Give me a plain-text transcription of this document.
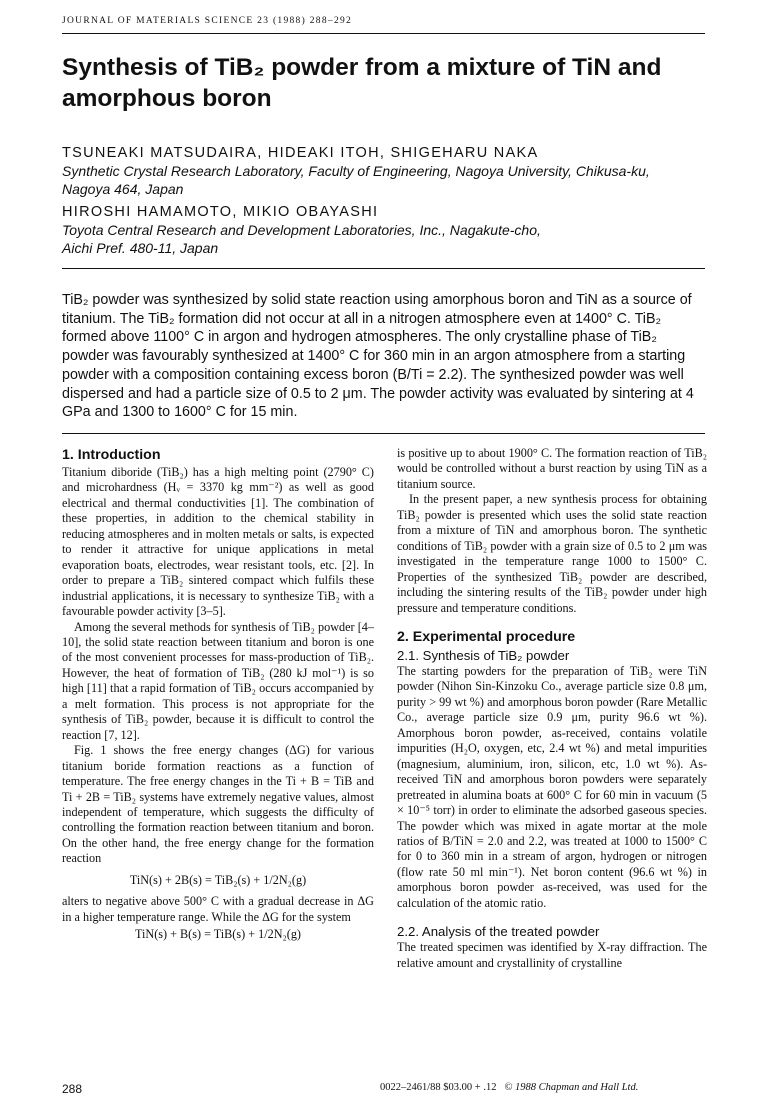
JOURNAL OF MATERIALS SCIENCE 23 (1988) 288–292
Synthesis of TiB₂ powder from a mixture of TiN and amorphous boron
TSUNEAKI MATSUDAIRA, HIDEAKI ITOH, SHIGEHARU NAKA
Synthetic Crystal Research Laboratory, Faculty of Engineering, Nagoya University, Chikusa-ku,
Nagoya 464, Japan
HIROSHI HAMAMOTO, MIKIO OBAYASHI
Toyota Central Research and Development Laboratories, Inc., Nagakute-cho,
Aichi Pref. 480-11, Japan
TiB₂ powder was synthesized by solid state reaction using amorphous boron and TiN as a source of titanium. The TiB₂ formation did not occur at all in a nitrogen atmosphere even at 1400° C. TiB₂ formed above 1100° C in argon and hydrogen atmospheres. The only crystalline phase of TiB₂ powder was favourably synthesized at 1400° C for 360 min in an argon atmosphere from a starting powder with a composition containing excess boron (B/Ti = 2.2). The synthesized powder was well dispersed and had a particle size of 0.5 to 2 μm. The powder activity was evaluated by sintering at 4 GPa and 1300 to 1600° C for 15 min.
1. Introduction

Titanium diboride (TiB₂) has a high melting point (2790° C) and microhardness (Hᵥ = 3370 kg mm⁻²) as well as good electrical and thermal conductivities [1]. The combination of these properties, in addition to the chemical stability in reducing atmospheres and in molten metals or salts, is expected to render it attractive for unique applications in metal evaporation boats, electrodes, wear resistant tools, etc. [2]. In order to prepare a TiB₂ sintered compact which fulfils these industrial applications, it is necessary to synthesize TiB₂ with a favourable powder activity [3–5].

Among the several methods for synthesis of TiB₂ powder [4–10], the solid state reaction between titanium and boron is one of the most convenient processes for mass-production of TiB₂. However, the heat of formation of TiB₂ (280 kJ mol⁻¹) is so high [11] that a rapid formation of TiB₂ occurs accompanied by a melt formation. This process is not appropriate for the synthesis of TiB₂ powder, because it is difficult to control the reaction [7, 12].

Fig. 1 shows the free energy changes (ΔG) for various titanium boride formation reactions as a function of temperature. The free energy changes in the Ti + B = TiB and Ti + 2B = TiB₂ systems have extremely negative values, almost independent of temperature, which suggests the difficulty of controlling the formation reaction between titanium and boron. On the other hand, the free energy change for the formation reaction

TiN(s) + 2B(s) = TiB₂(s) + 1/2N₂(g)

alters to negative above 500° C with a gradual decrease in ΔG in a higher temperature range. While the ΔG for the system

TiN(s) + B(s) = TiB(s) + 1/2N₂(g)

is positive up to about 1900° C. The formation reaction of TiB₂ would be controlled without a burst reaction by using TiN as a titanium source.

In the present paper, a new synthesis process for obtaining TiB₂ powder is presented which uses the solid state reaction from a mixture of TiN and amorphous boron. The synthetic conditions of TiB₂ powder with a grain size of 0.5 to 2 μm was investigated in the temperature range 1000 to 1500° C. Properties of the synthesized TiB₂ powder are described, including the sintering results of the TiB₂ powder under high pressure and temperature conditions.

2. Experimental procedure
2.1. Synthesis of TiB₂ powder

The starting powders for the preparation of TiB₂ were TiN powder (Nihon Sin-Kinzoku Co., average particle size 0.8 μm, purity > 99 wt %) and amorphous boron powder (Rare Metallic Co., average particle size 0.9 μm, purity 96.6 wt %). Amorphous boron powder, as-received, contains volatile impurities (H₂O, oxygen, etc, 2.4 wt %) and metal impurities (magnesium, aluminium, iron, silicon, etc, 1.0 wt %). As-received TiN and amorphous boron powders were separately pretreated in alumina boats at 600° C for 60 min in vacuum (5 × 10⁻⁵ torr) in order to eliminate the adsorbed gaseous species. The powder which was mixed in agate mortar at the mole ratios of B/TiN = 2.0 and 2.2, was treated at 1000 to 1500° C for 0 to 360 min in a stream of argon, hydrogen or nitrogen (flow rate 50 ml min⁻¹). Net boron content (96.6 wt %) in amorphous boron powder as-received, was used for the calculation of the atomic ratio.

2.2. Analysis of the treated powder

The treated specimen was identified by X-ray diffraction. The relative amount and crystallinity of crystalline

288	0022–2461/88 $03.00 + .12 © 1988 Chapman and Hall Ltd.
